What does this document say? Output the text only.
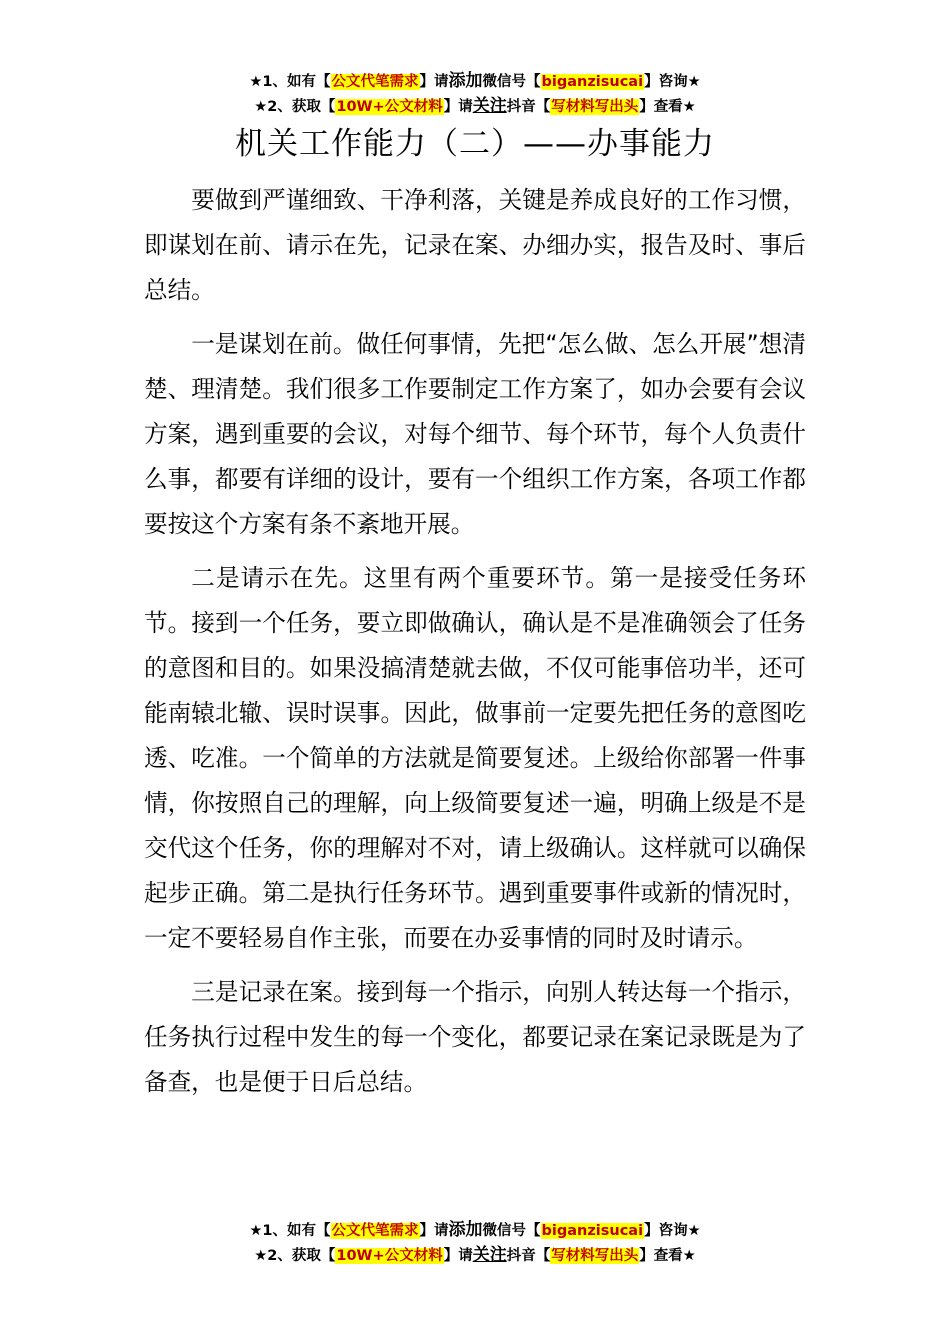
★1、如有【公文代笔需求】请添加微信号【biganzisucai】咨询★
★2、获取【10W+公文材料】请关注抖音【写材料写出头】查看★
机关工作能力（二）——办事能力

要做到严谨细致、干净利落，关键是养成良好的工作习惯，即谋划在前、请示在先，记录在案、办细办实，报告及时、事后总结。

一是谋划在前。做任何事情，先把“怎么做、怎么开展”想清楚、理清楚。我们很多工作要制定工作方案了，如办会要有会议方案，遇到重要的会议，对每个细节、每个环节，每个人负责什么事，都要有详细的设计，要有一个组织工作方案，各项工作都要按这个方案有条不紊地开展。

二是请示在先。这里有两个重要环节。第一是接受任务环节。接到一个任务，要立即做确认，确认是不是准确领会了任务的意图和目的。如果没搞清楚就去做，不仅可能事倍功半，还可能南辕北辙、误时误事。因此，做事前一定要先把任务的意图吃透、吃准。一个简单的方法就是简要复述。上级给你部署一件事情，你按照自己的理解，向上级简要复述一遍，明确上级是不是交代这个任务，你的理解对不对，请上级确认。这样就可以确保起步正确。第二是执行任务环节。遇到重要事件或新的情况时，一定不要轻易自作主张，而要在办妥事情的同时及时请示。

三是记录在案。接到每一个指示，向别人转达每一个指示，任务执行过程中发生的每一个变化，都要记录在案记录既是为了备查，也是便于日后总结。

★1、如有【公文代笔需求】请添加微信号【biganzisucai】咨询★
★2、获取【10W+公文材料】请关注抖音【写材料写出头】查看★
